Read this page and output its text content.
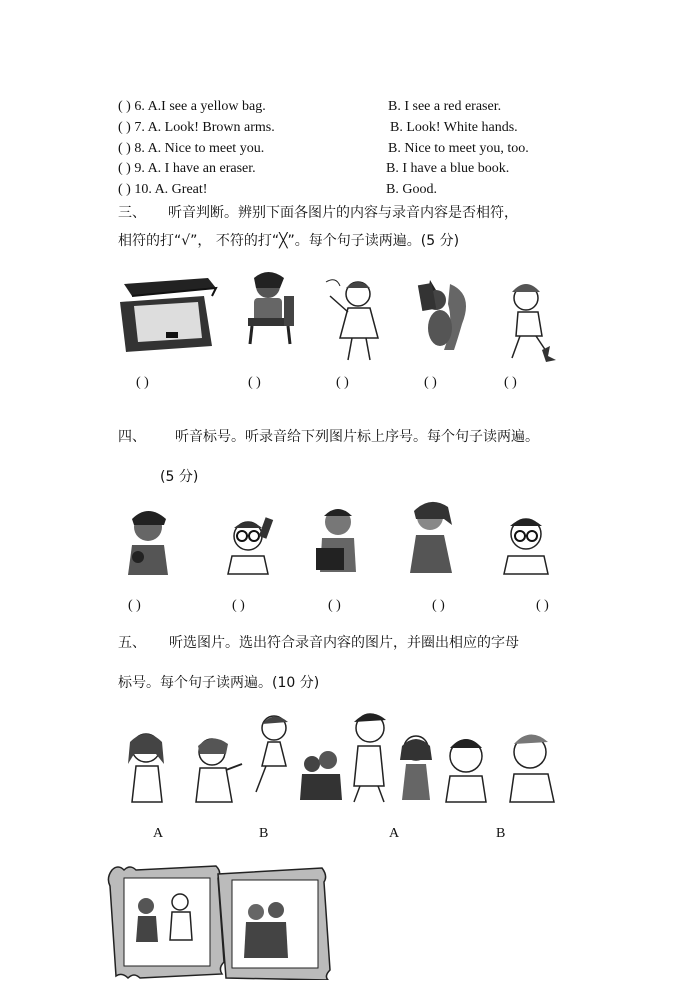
( ) 6. A.I see a yellow bag.	B. I see a red eraser.
( ) 7. A. Look! Brown arms.	B. Look! White hands.
( ) 8. A. Nice to meet you.	B. Nice to meet you, too.
( ) 9. A. I have an eraser.	B. I have a blue book.
( ) 10. A. Great!	B. Good.
三、 听音判断。辨别下面各图片的内容与录音内容是否相符，
相符的打“√”， 不符的打“╳”。每个句子读两遍。(5 分)
( )	( )	( )	( )	( )
四、 听音标号。听录音给下列图片标上序号。每个句子读两遍。
(5 分)
( )	( )	( )	( )	( )
五、 听选图片。选出符合录音内容的图片，并圈出相应的字母
标号。每个句子读两遍。(10 分)
A	B	A	B
